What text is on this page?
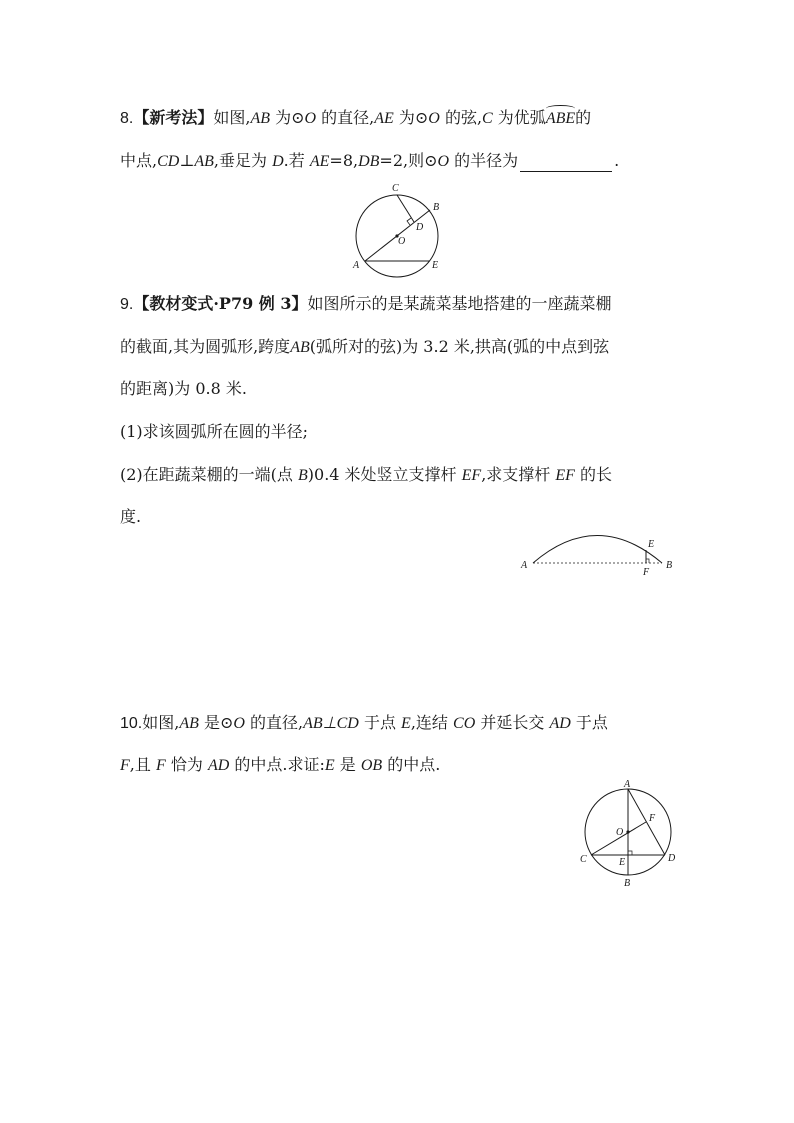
8.【新考法】如图,AB 为⊙O 的直径,AE 为⊙O 的弦,C 为优弧ABE的
中点,CD⊥AB,垂足为 D.若 AE=8,DB=2,则⊙O 的半径为	.
C
B
D
O
A	E
9.【教材变式·P79 例 3】如图所示的是某蔬菜基地搭建的一座蔬菜棚
的截面,其为圆弧形,跨度AB(弧所对的弦)为 3.2 米,拱高(弧的中点到弦
的距离)为 0.8 米.
(1)求该圆弧所在圆的半径;
(2)在距蔬菜棚的一端(点 B)0.4 米处竖立支撑杆 EF,求支撑杆 EF 的长
度.
A
E
F
B
10.如图,AB 是⊙O 的直径,AB⊥CD 于点 E,连结 CO 并延长交 AD 于点
F,且 F 恰为 AD 的中点.求证:E 是 OB 的中点.
A
F
O
C	E	D
B
